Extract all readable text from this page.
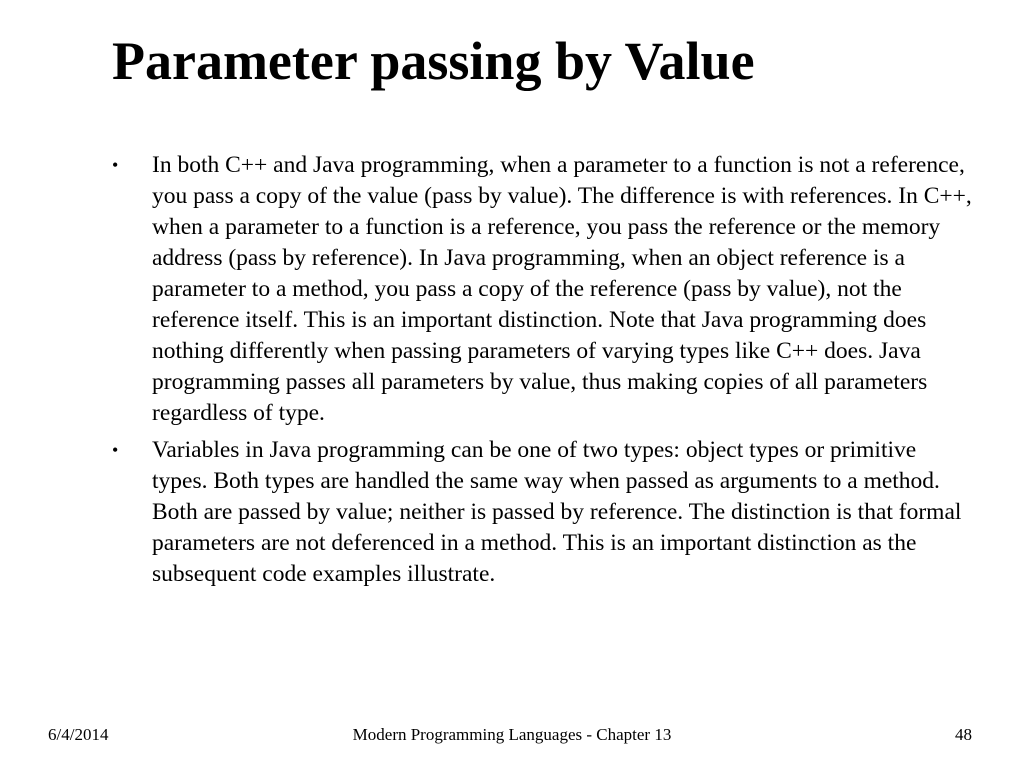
Parameter passing by Value
• In both C++ and Java programming, when a parameter to a function is not a reference, you pass a copy of the value (pass by value). The difference is with references. In C++, when a parameter to a function is a reference, you pass the reference or the memory address (pass by reference). In Java programming, when an object reference is a parameter to a method, you pass a copy of the reference (pass by value), not the reference itself. This is an important distinction. Note that Java programming does nothing differently when passing parameters of varying types like C++ does. Java programming passes all parameters by value, thus making copies of all parameters regardless of type.
• Variables in Java programming can be one of two types: object types or primitive types. Both types are handled the same way when passed as arguments to a method. Both are passed by value; neither is passed by reference. The distinction is that formal parameters are not deferenced in a method. This is an important distinction as the subsequent code examples illustrate.
6/4/2014	Modern Programming Languages - Chapter 13	48
